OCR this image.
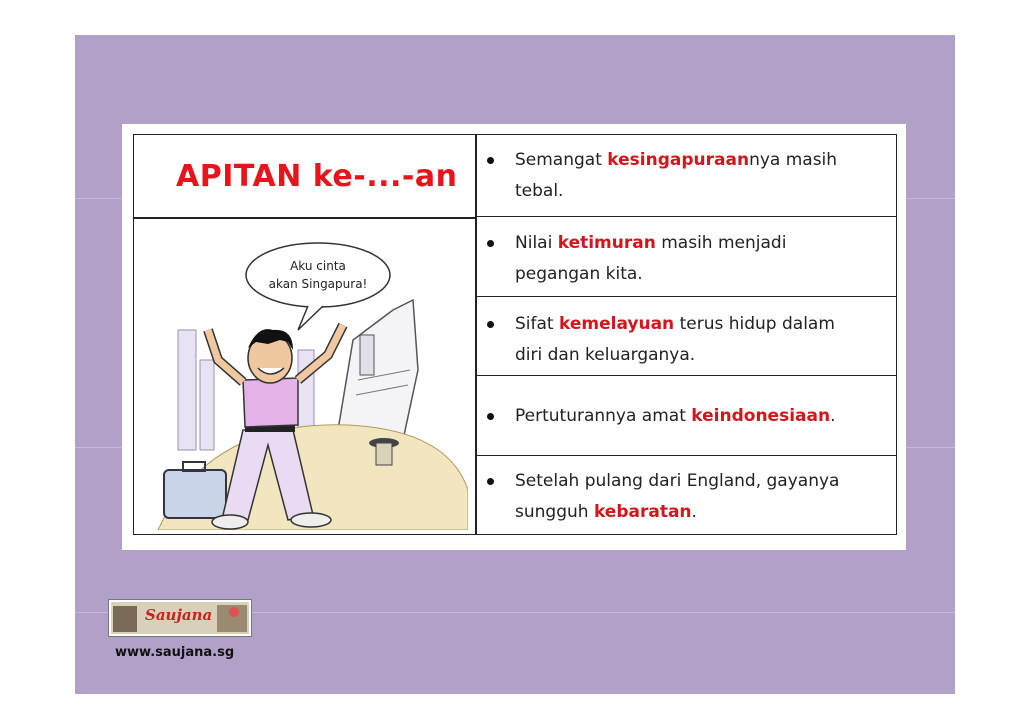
APITAN ke-...-an
Aku cinta
akan Singapura!
Semangat kesingapuraannya masih
tebal.
Nilai ketimuran masih menjadi
pegangan kita.
Sifat kemelayuan terus hidup dalam
diri dan keluarganya.
Pertuturannya amat keindonesiaan.
Setelah pulang dari England, gayanya
sungguh kebaratan.
Saujana
www.saujana.sg
